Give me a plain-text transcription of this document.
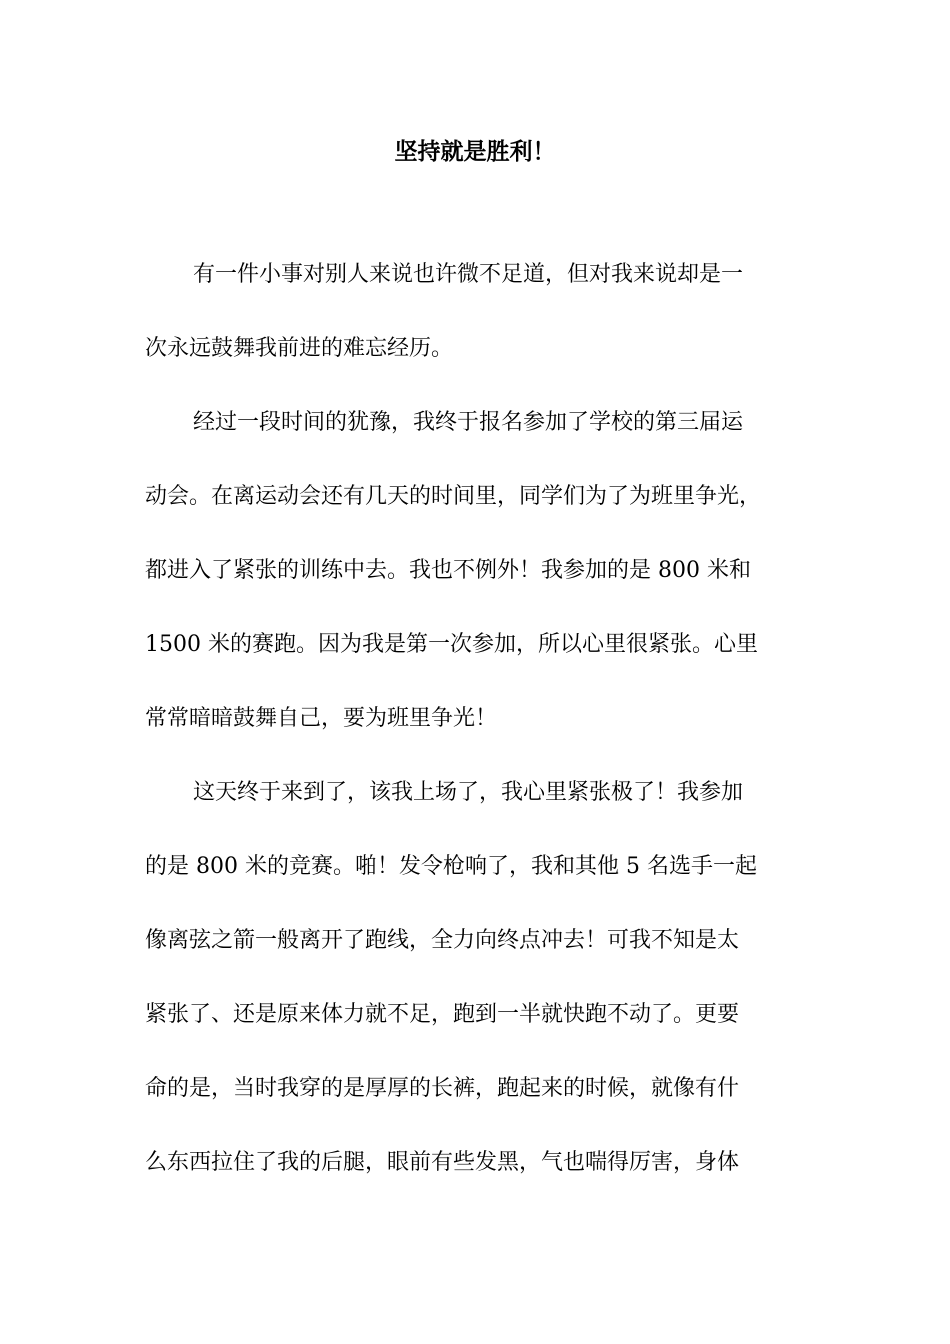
坚持就是胜利！
有一件小事对别人来说也许微不足道，但对我来说却是一
次永远鼓舞我前进的难忘经历。
经过一段时间的犹豫，我终于报名参加了学校的第三届运
动会。在离运动会还有几天的时间里，同学们为了为班里争光，
都进入了紧张的训练中去。我也不例外！我参加的是 800 米和
1500 米的赛跑。因为我是第一次参加，所以心里很紧张。心里
常常暗暗鼓舞自己，要为班里争光！
这天终于来到了，该我上场了，我心里紧张极了！我参加
的是 800 米的竞赛。啪！发令枪响了，我和其他 5 名选手一起
像离弦之箭一般离开了跑线，全力向终点冲去！可我不知是太
紧张了、还是原来体力就不足，跑到一半就快跑不动了。更要
命的是，当时我穿的是厚厚的长裤，跑起来的时候，就像有什
么东西拉住了我的后腿，眼前有些发黑，气也喘得厉害，身体
